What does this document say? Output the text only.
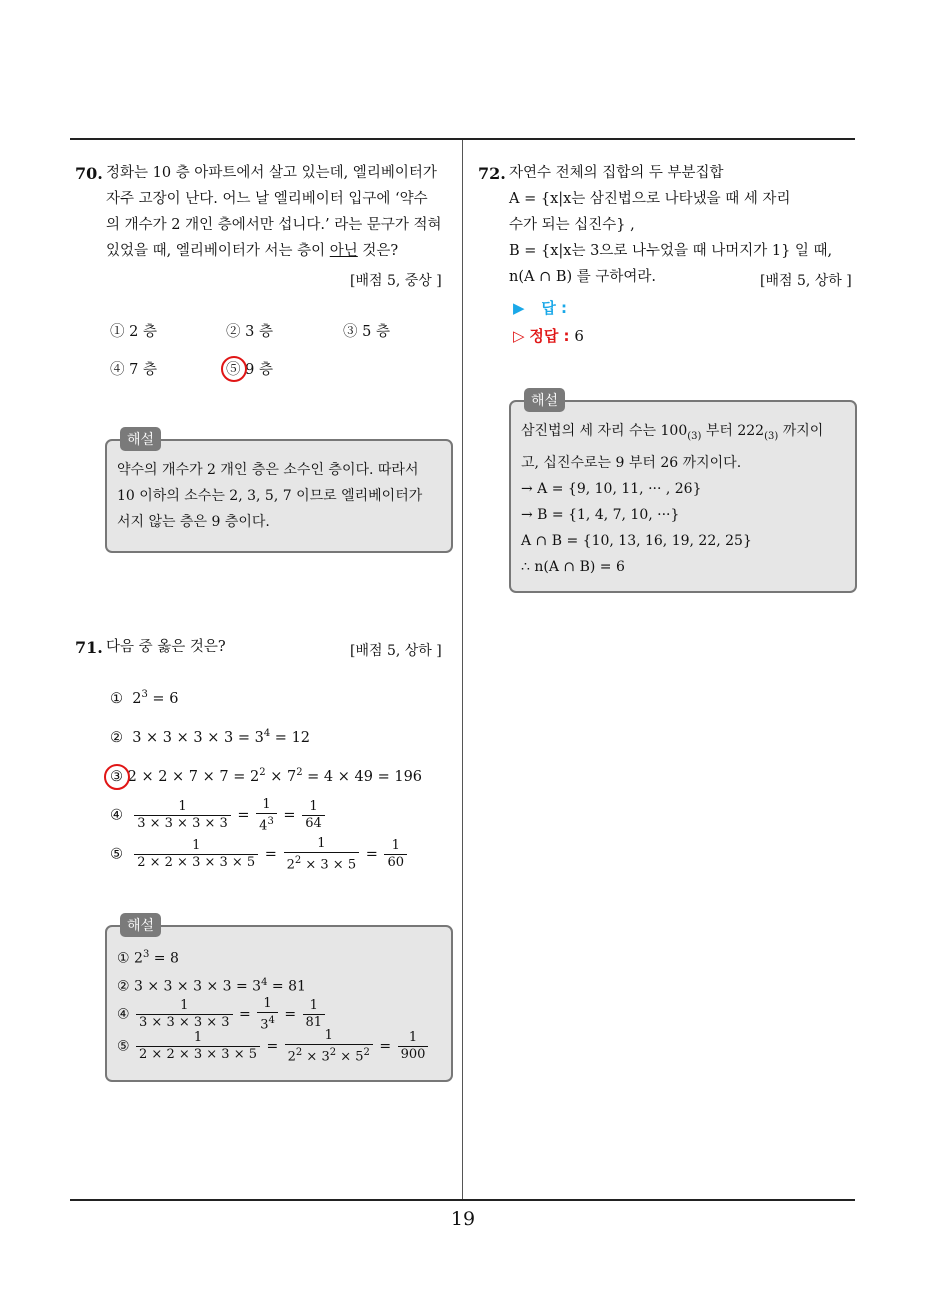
19
70. 정화는 10 층 아파트에서 살고 있는데, 엘리베이터가
자주 고장이 난다. 어느 날 엘리베이터 입구에 ‘약수
의 개수가 2 개인 층에서만 섭니다.’ 라는 문구가 적혀
있었을 때, 엘리베이터가 서는 층이 아닌 것은?
[배점 5, 중상 ]
① 2 층	② 3 층	③ 5 층
④ 7 층	⑤ 9 층
해설
약수의 개수가 2 개인 층은 소수인 층이다. 따라서
10 이하의 소수는 2, 3, 5, 7 이므로 엘리베이터가
서지 않는 층은 9 층이다.
71. 다음 중 옳은 것은?	[배점 5, 상하 ]
① $2^3 = 6$
② $3 \times 3 \times 3 \times 3 = 3^4 = 12$
③ $2 \times 2 \times 7 \times 7 = 2^2 \times 7^2 = 4 \times 49 = 196$
④ $\frac{1}{3 \times 3 \times 3 \times 3} = \frac{1}{4^3} = \frac{1}{64}$
⑤ $\frac{1}{2 \times 2 \times 3 \times 3 \times 5} = \frac{1}{2^2 \times 3 \times 5} = \frac{1}{60}$
해설
① $2^3 = 8$
② $3 \times 3 \times 3 \times 3 = 3^4 = 81$
④ $\frac{1}{3 \times 3 \times 3 \times 3} = \frac{1}{3^4} = \frac{1}{81}$
⑤ $\frac{1}{2 \times 2 \times 3 \times 3 \times 5} = \frac{1}{2^2 \times 3^2 \times 5^2} = \frac{1}{900}$
72. 자연수 전체의 집합의 두 부분집합
A = {x|x는 삼진법으로 나타냈을 때 세 자리
수가 되는 십진수} ,
B = {x|x는 3으로 나누었을 때 나머지가 1} 일 때,
n(A ∩ B) 를 구하여라.	[배점 5, 상하 ]
▶ 답 :
▷ 정답 : 6
해설
삼진법의 세 자리 수는 $100_{(3)}$ 부터 $222_{(3)}$ 까지이
고, 십진수로는 9 부터 26 까지이다.
→ A = {9, 10, 11, ··· , 26}
→ B = {1, 4, 7, 10, ···}
A ∩ B = {10, 13, 16, 19, 22, 25}
∴ n(A ∩ B) = 6
